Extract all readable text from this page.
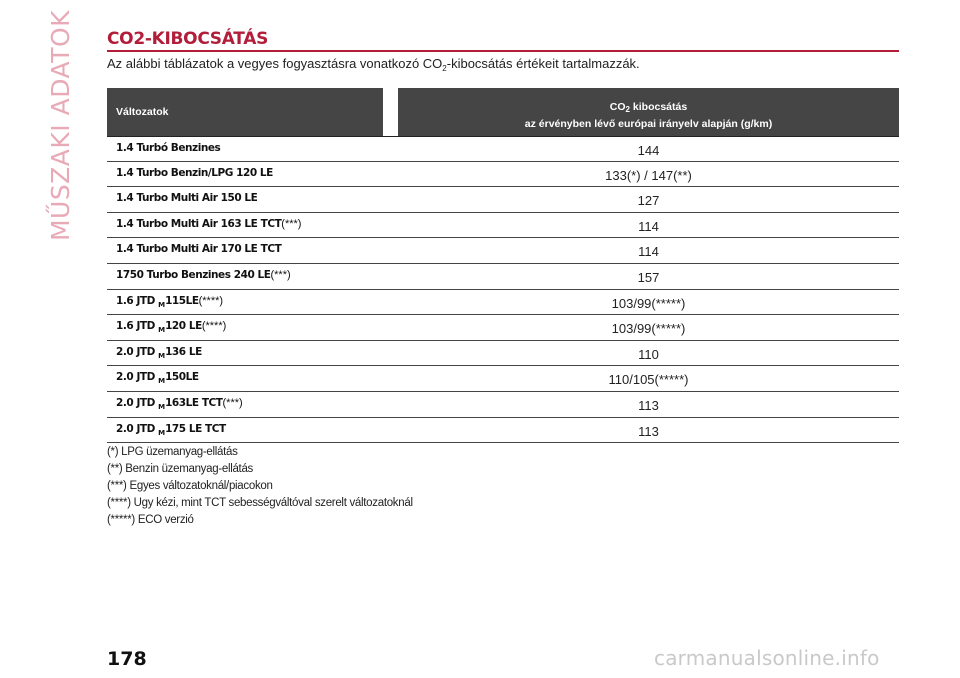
MŰSZAKI ADATOK CO2-KIBOCSÁTÁS
Az alábbi táblázatok a vegyes fogyasztásra vonatkozó $CO_2$-kibocsátás értékeit tartalmazzák.
Változatok	$CO_2$ kibocsátás
az érvényben lévő európai irányelv alapján (g/km)
1.4 Turbó Benzines	144
1.4 Turbo Benzin/LPG 120 LE	133(*) / 147(**)
1.4 Turbo Multi Air 150 LE	127
1.4 Turbo Multi Air 163 LE TCT(***)	114
1.4 Turbo Multi Air 170 LE TCT	114
1750 Turbo Benzines 240 LE(***)	157
1.6 JTD $_M$115LE(****)	103/99(*****)
1.6 JTD $_M$120 LE(****)	103/99(*****)
2.0 JTD $_M$136 LE	110
2.0 JTD $_M$150LE	110/105(*****)
2.0 JTD $_M$163LE TCT(***)	113
2.0 JTD $_M$175 LE TCT	113
(*) LPG üzemanyag-ellátás
(**) Benzin üzemanyag-ellátás
(***) Egyes változatoknál/piacokon
(****) Ugy kézi, mint TCT sebességváltóval szerelt változatoknál
(*****) ECO verzió
178	carmanualsonline.info
